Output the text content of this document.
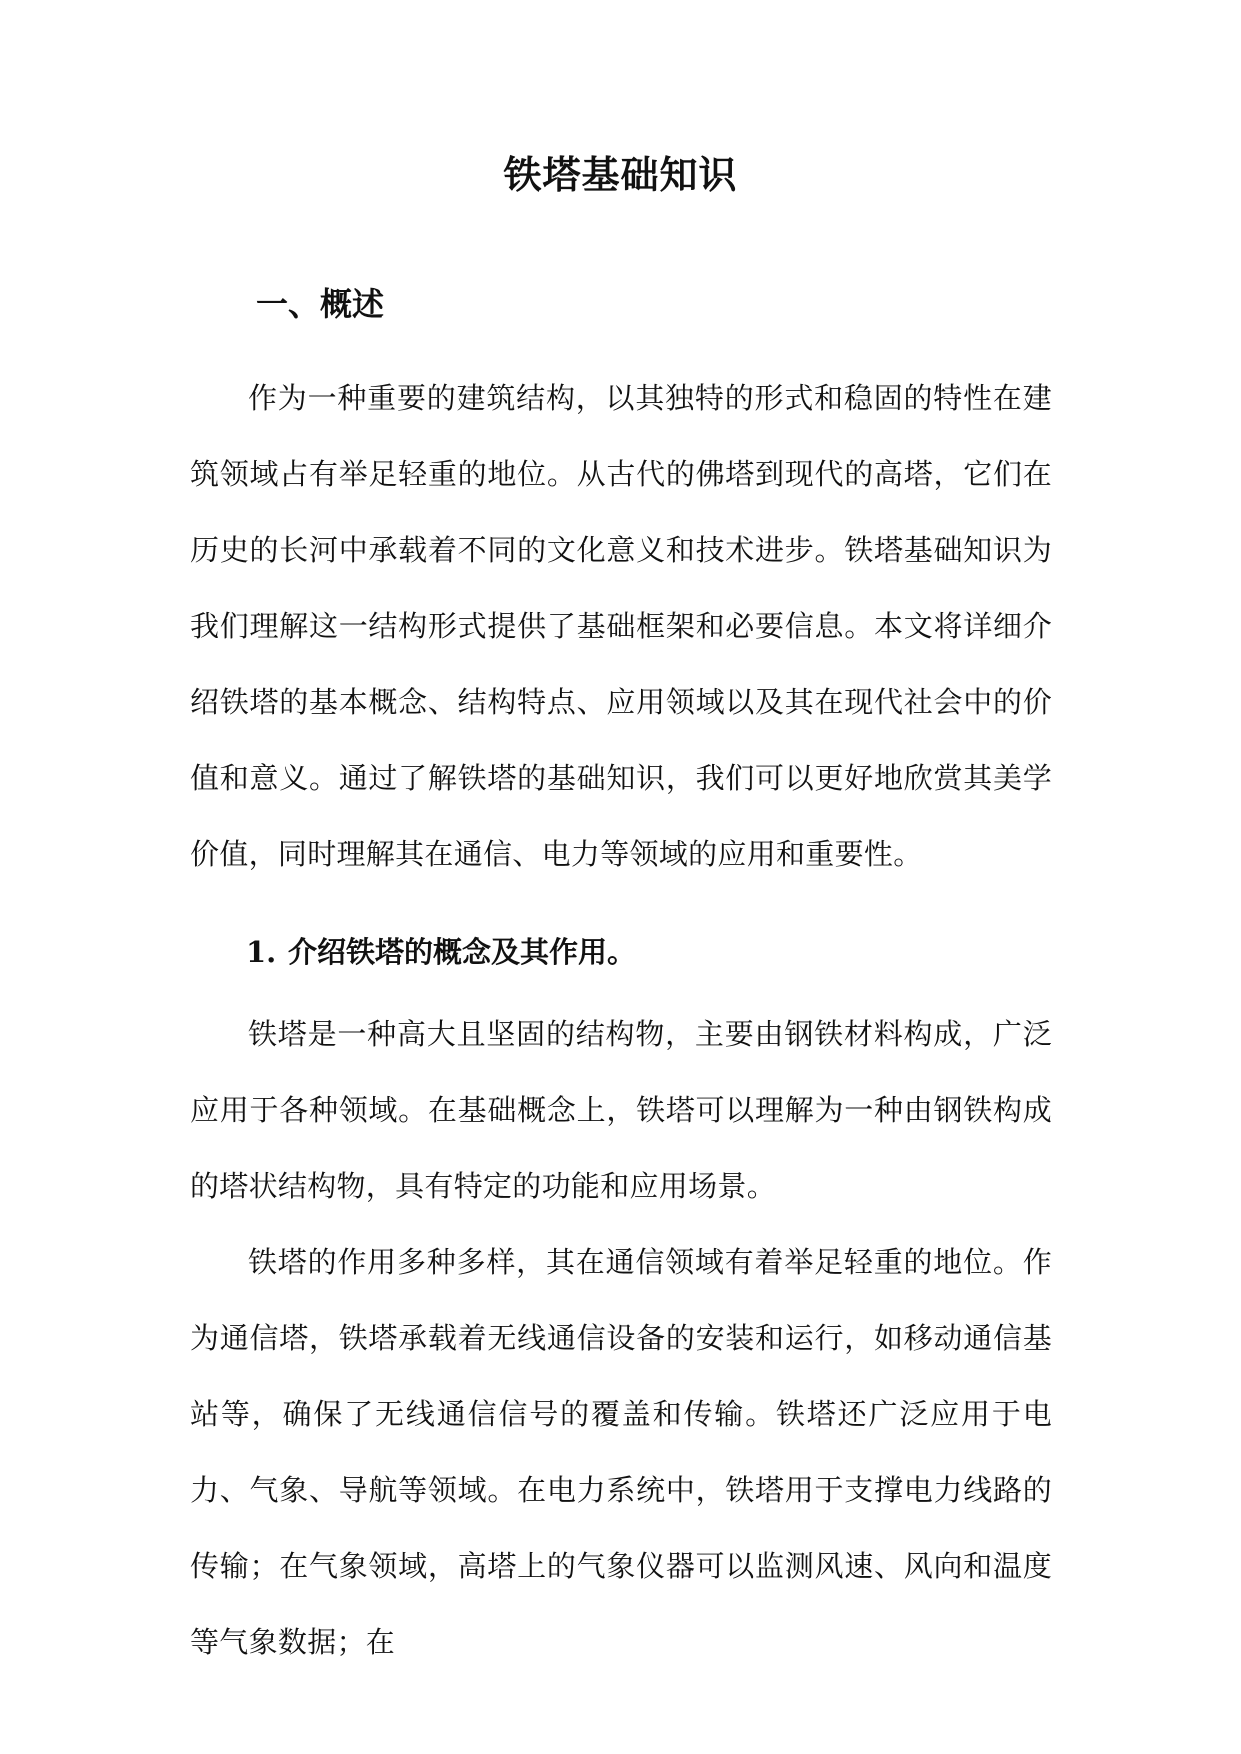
铁塔基础知识
一、概述

作为一种重要的建筑结构，以其独特的形式和稳固的特性在建筑领域占有举足轻重的地位。从古代的佛塔到现代的高塔，它们在历史的长河中承载着不同的文化意义和技术进步。铁塔基础知识为我们理解这一结构形式提供了基础框架和必要信息。本文将详细介绍铁塔的基本概念、结构特点、应用领域以及其在现代社会中的价值和意义。通过了解铁塔的基础知识，我们可以更好地欣赏其美学价值，同时理解其在通信、电力等领域的应用和重要性。

1. 介绍铁塔的概念及其作用。

铁塔是一种高大且坚固的结构物，主要由钢铁材料构成，广泛应用于各种领域。在基础概念上，铁塔可以理解为一种由钢铁构成的塔状结构物，具有特定的功能和应用场景。

铁塔的作用多种多样，其在通信领域有着举足轻重的地位。作为通信塔，铁塔承载着无线通信设备的安装和运行，如移动通信基站等，确保了无线通信信号的覆盖和传输。铁塔还广泛应用于电力、气象、导航等领域。在电力系统中，铁塔用于支撑电力线路的传输；在气象领域，高塔上的气象仪器可以监测风速、风向和温度等气象数据；在
